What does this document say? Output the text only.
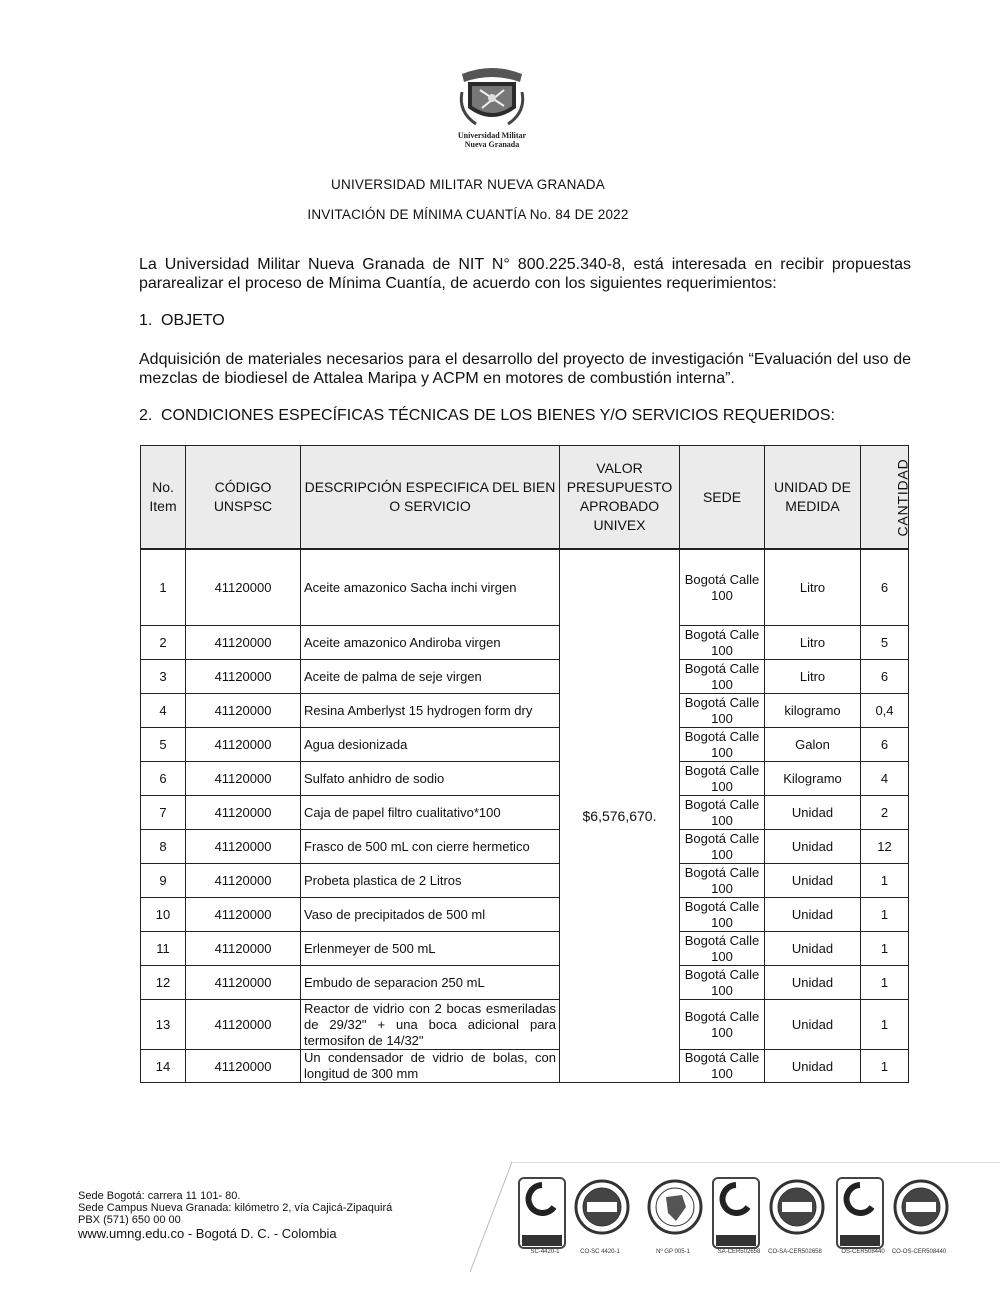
Universidad Militar
Nueva Granada
UNIVERSIDAD MILITAR NUEVA GRANADA
INVITACIÓN DE MÍNIMA CUANTÍA No. 84 DE 2022
La Universidad Militar Nueva Granada de NIT N° 800.225.340-8, está interesada en recibir propuestas pararealizar el proceso de Mínima Cuantía, de acuerdo con los siguientes requerimientos:
1. OBJETO
Adquisición de materiales necesarios para el desarrollo del proyecto de investigación “Evaluación del uso de mezclas de biodiesel de Attalea Maripa y ACPM en motores de combustión interna”.
2. CONDICIONES ESPECÍFICAS TÉCNICAS DE LOS BIENES Y/O SERVICIOS REQUERIDOS:
No. Item	CÓDIGO UNSPSC	DESCRIPCIÓN ESPECIFICA DEL BIEN O SERVICIO	VALOR PRESUPUESTO APROBADO UNIVEX	SEDE	UNIDAD DE MEDIDA	CANTIDAD
1	41120000	Aceite amazonico Sacha inchi virgen	$6,576,670.	Bogotá Calle 100	Litro	6
2	41120000	Aceite amazonico Andiroba virgen		Bogotá Calle 100	Litro	5
3	41120000	Aceite de palma de seje virgen		Bogotá Calle 100	Litro	6
4	41120000	Resina Amberlyst 15 hydrogen form dry		Bogotá Calle 100	kilogramo	0,4
5	41120000	Agua desionizada		Bogotá Calle 100	Galon	6
6	41120000	Sulfato anhidro de sodio		Bogotá Calle 100	Kilogramo	4
7	41120000	Caja de papel filtro cualitativo*100		Bogotá Calle 100	Unidad	2
8	41120000	Frasco de 500 mL con cierre hermetico		Bogotá Calle 100	Unidad	12
9	41120000	Probeta plastica de 2 Litros		Bogotá Calle 100	Unidad	1
10	41120000	Vaso de precipitados de 500 ml		Bogotá Calle 100	Unidad	1
11	41120000	Erlenmeyer de 500 mL		Bogotá Calle 100	Unidad	1
12	41120000	Embudo de separacion 250 mL		Bogotá Calle 100	Unidad	1
13	41120000	Reactor de vidrio con 2 bocas esmeriladas de 29/32" + una boca adicional para termosifon de 14/32"		Bogotá Calle 100	Unidad	1
14	41120000	Un condensador de vidrio de bolas, con longitud de 300 mm		Bogotá Calle 100	Unidad	1
Sede Bogotá: carrera 11 101- 80.
Sede Campus Nueva Granada: kilómetro 2, vía Cajicá-Zipaquirá
PBX (571) 650 00 00
www.umng.edu.co - Bogotá D. C. - Colombia
SC-4420-1	CO-SC 4420-1	Nº GP 005-1	SA-CER502658	CO-SA-CER502658	OS-CER508440	CO-OS-CER508440
